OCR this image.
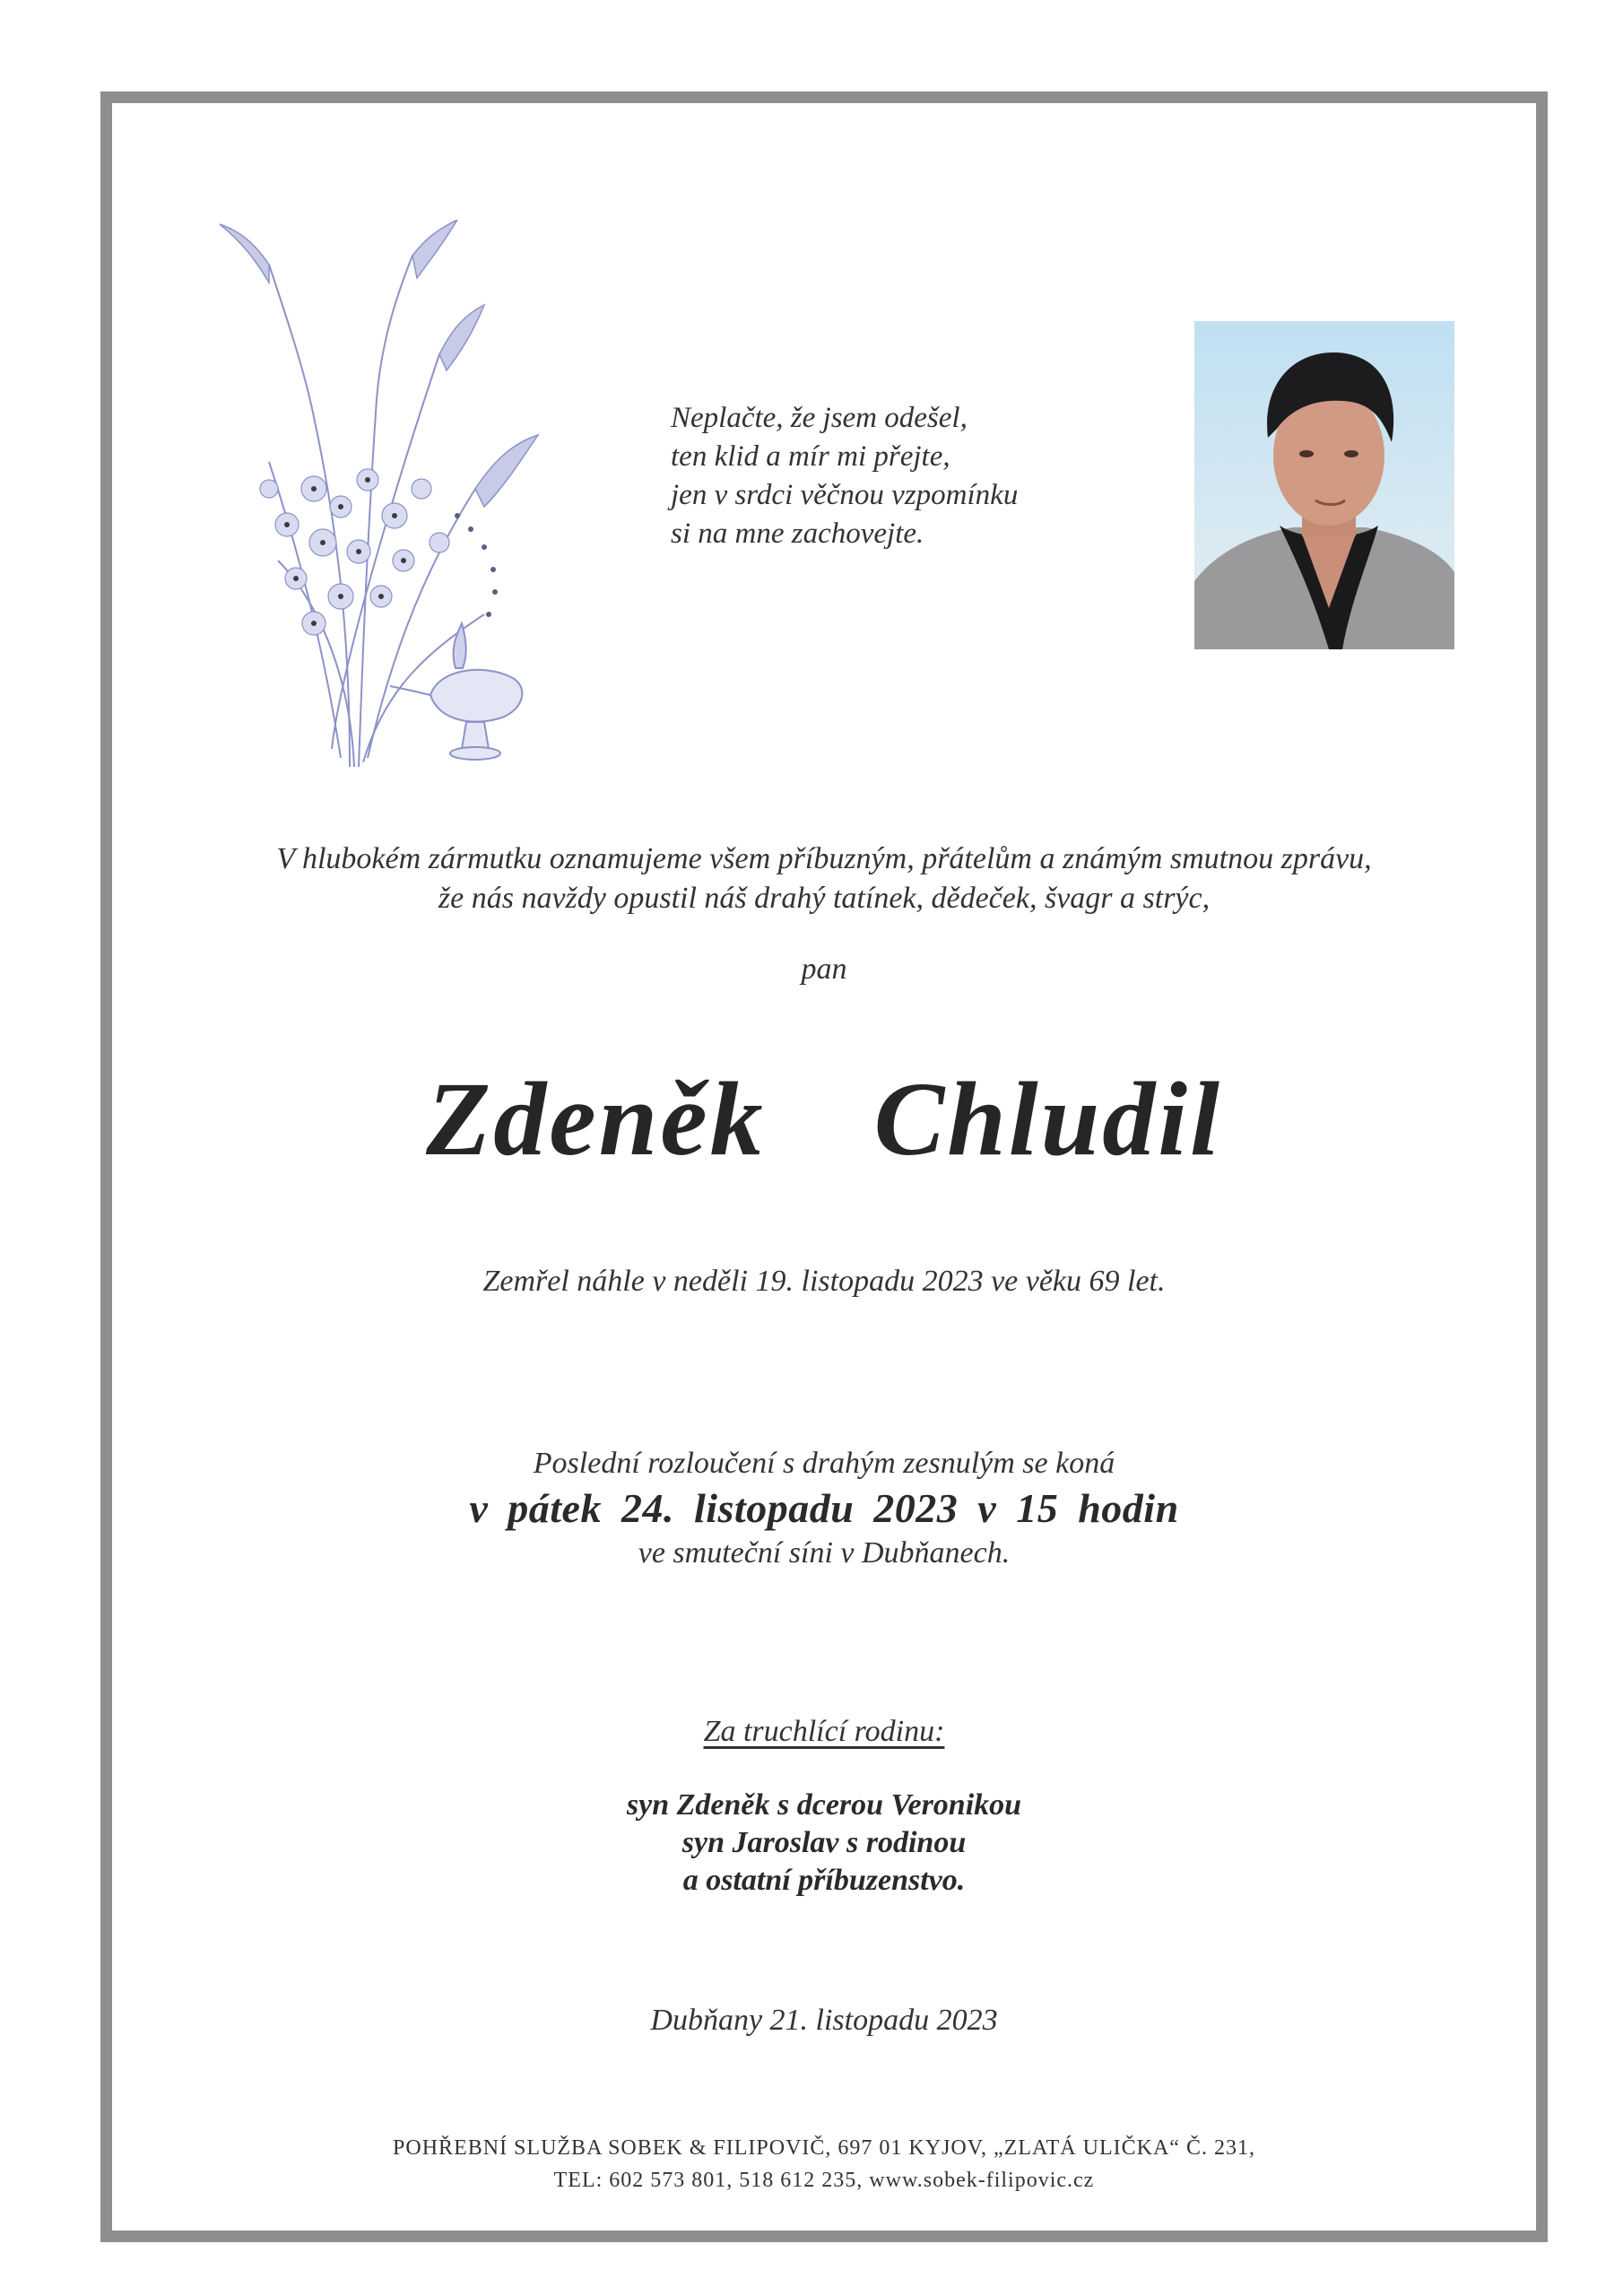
Neplačte, že jsem odešel,
ten klid a mír mi přejte,
jen v srdci věčnou vzpomínku
si na mne zachovejte.
V hlubokém zármutku oznamujeme všem příbuzným, přátelům a známým smutnou zprávu,
že nás navždy opustil náš drahý tatínek, dědeček, švagr a strýc,
pan
Zdeněk  Chludil
Zemřel náhle v neděli 19. listopadu 2023 ve věku 69 let.
Poslední rozloučení s drahým zesnulým se koná
v pátek 24. listopadu 2023 v 15 hodin
ve smuteční síni v Dubňanech.
Za truchlící rodinu:
syn Zdeněk s dcerou Veronikou
syn Jaroslav s rodinou
a ostatní příbuzenstvo.
Dubňany 21. listopadu 2023
POHŘEBNÍ SLUŽBA SOBEK & FILIPOVIČ, 697 01 KYJOV, „ZLATÁ ULIČKA“ Č. 231,
TEL: 602 573 801, 518 612 235, www.sobek-filipovic.cz
